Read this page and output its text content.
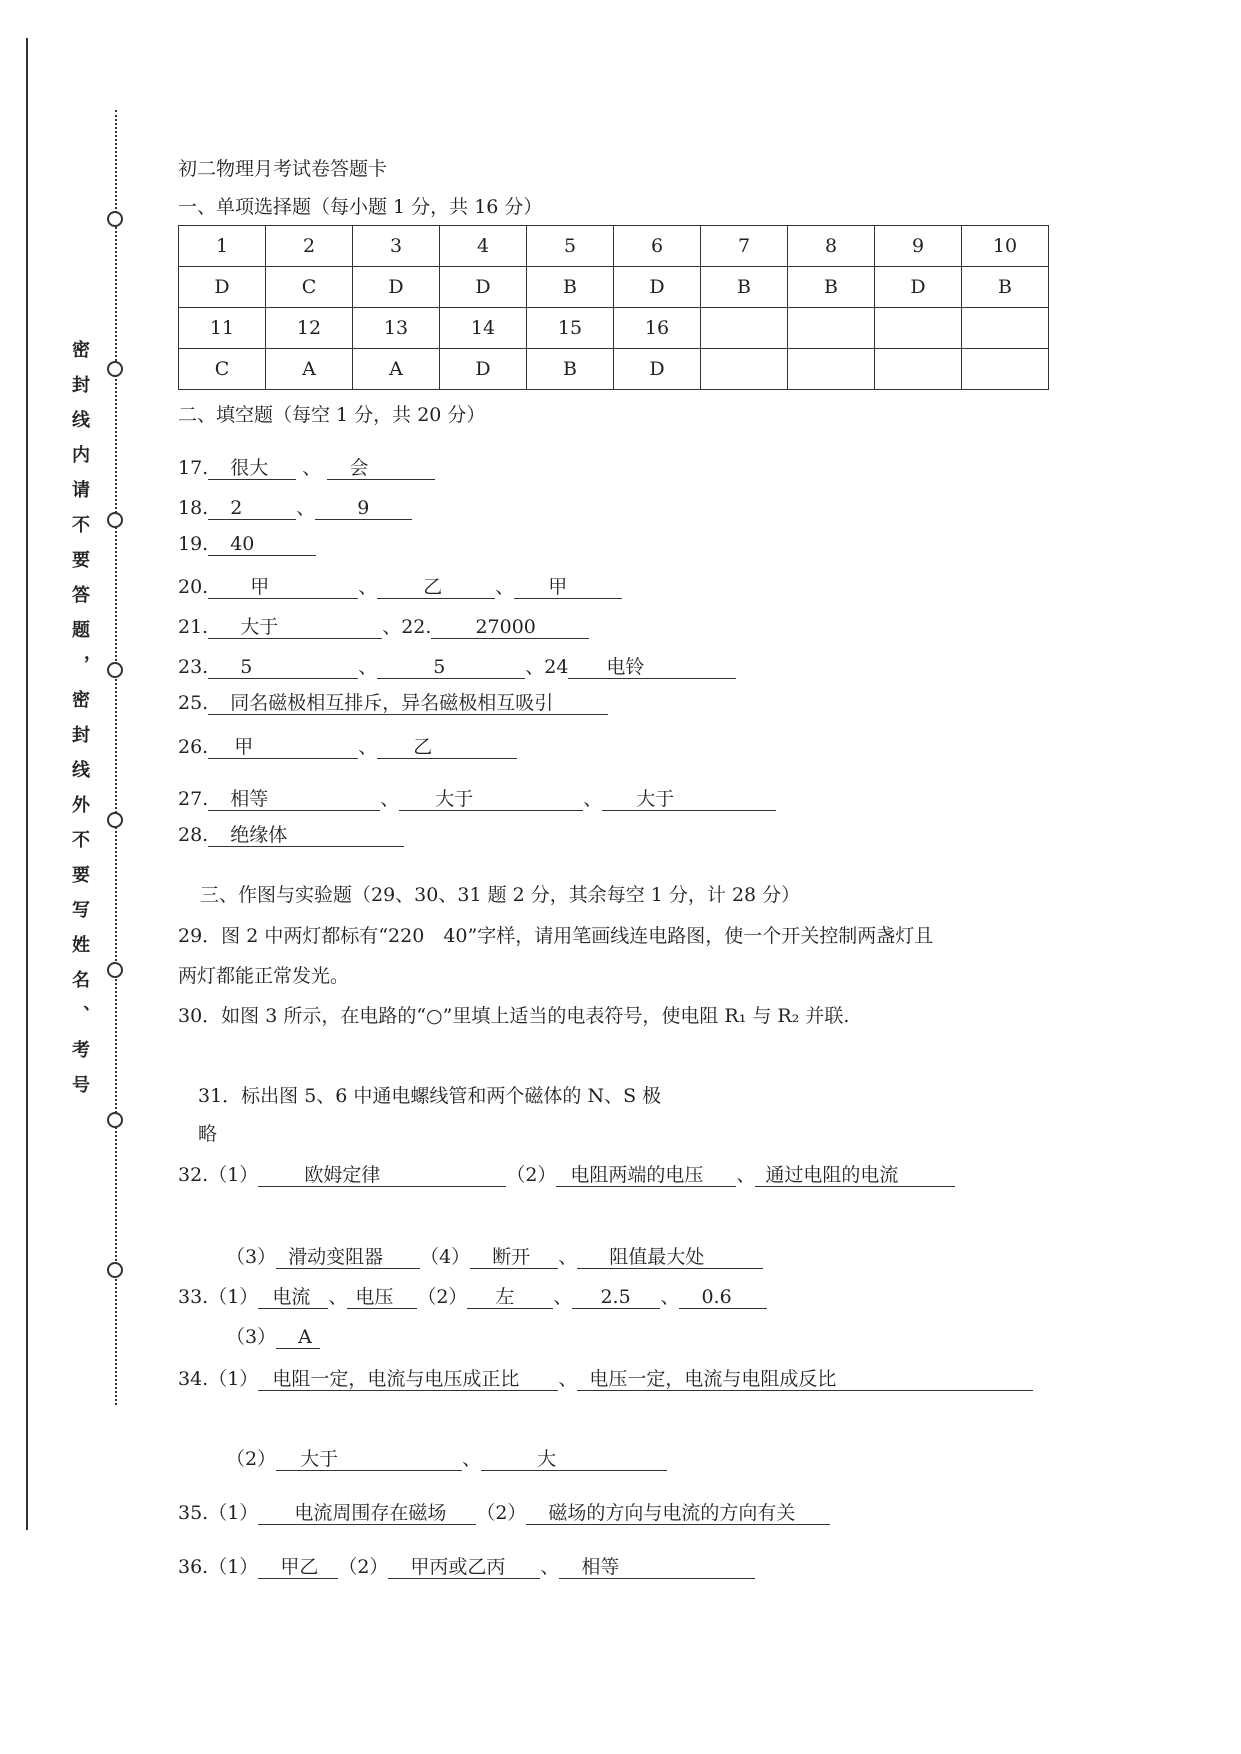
密封线内请不要答题，密封线外不要写姓名、考号
初二物理月考试卷答题卡
一、单项选择题（每小题 1 分，共 16 分）
1	2	3	4	5	6	7	8	9	10
D	C	D	D	B	D	B	B	D	B
11	12	13	14	15	16				
C	A	A	D	B	D				
二、填空题（每空 1 分，共 20 分）
17. 很大 、 会
18. 2	、 9
19. 40
20. 甲	、 乙	、 甲
21. 大于	、22. 27000
23. 5	、	5	、24 电铃
25. 同名磁极相互排斥，异名磁极相互吸引
26. 甲	、 乙
27. 相等	、 大于	、 大于
28. 绝缘体
三、作图与实验题（29、30、31 题 2 分，其余每空 1 分，计 28 分）
29．图 2 中两灯都标有“220　40”字样，请用笔画线连电路图，使一个开关控制两盏灯且
两灯都能正常发光。
30．如图 3 所示，在电路的“○”里填上适当的电表符号，使电阻 R₁ 与 R₂ 并联.
31．标出图 5、6 中通电螺线管和两个磁体的 N、S 极
略
32.（1） 欧姆定律	（2） 电阻两端的电压 、 通过电阻的电流
（3） 滑动变阻器 （4） 断开 、 阻值最大处
33.（1） 电流 、 电压 （2） 左 、 2.5 、 0.6
（3） A
34.（1） 电阻一定，电流与电压成正比 、 电压一定，电流与电阻成反比
（2） 大于	、	大
35.（1） 电流周围存在磁场 （2） 磁场的方向与电流的方向有关
36.（1） 甲乙 （2） 甲丙或乙丙 、 相等
